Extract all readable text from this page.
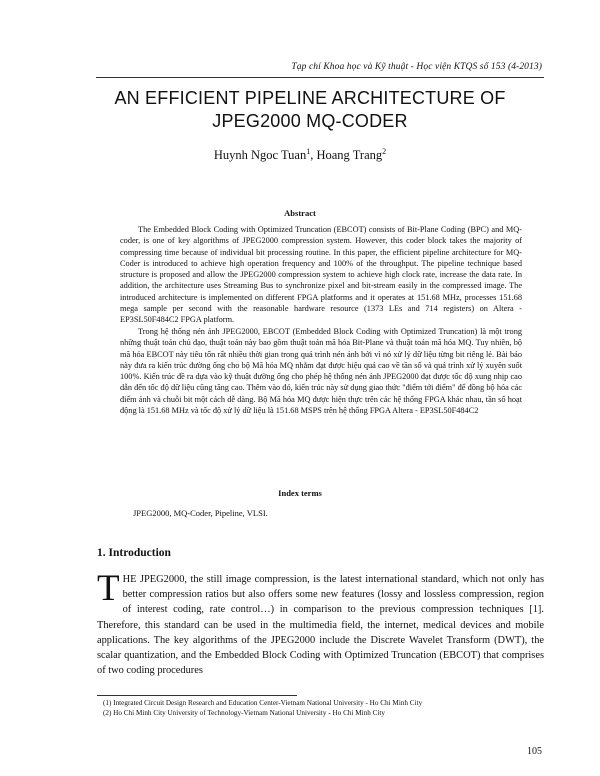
Tạp chí Khoa học và Kỹ thuật - Học viện KTQS số 153 (4-2013)
AN EFFICIENT PIPELINE ARCHITECTURE OF
JPEG2000 MQ-CODER
Huynh Ngoc Tuan$^1$, Hoang Trang$^2$
Abstract

The Embedded Block Coding with Optimized Truncation (EBCOT) consists of Bit-Plane Coding (BPC) and MQ-coder, is one of key algorithms of JPEG2000 compression system. However, this coder block takes the majority of compressing time because of individual bit processing routine. In this paper, the efficient pipeline architecture for MQ-Coder is introduced to achieve high operation frequency and 100% of the throughput. The pipeline technique based structure is proposed and allow the JPEG2000 compression system to achieve high clock rate, increase the data rate. In addition, the architecture uses Streaming Bus to synchronize pixel and bit-stream easily in the compressed image. The introduced architecture is implemented on different FPGA platforms and it operates at 151.68 MHz, processes 151.68 mega sample per second with the reasonable hardware resource (1373 LEs and 714 registers) on Altera - EP3SL50F484C2 FPGA platform.

Trong hệ thống nén ảnh JPEG2000, EBCOT (Embedded Block Coding with Optimized Truncation) là một trong những thuật toán chủ đạo, thuật toán này bao gồm thuật toán mã hóa Bit-Plane và thuật toán mã hóa MQ. Tuy nhiên, bộ mã hóa EBCOT này tiêu tốn rất nhiều thời gian trong quá trình nén ảnh bởi vì nó xử lý dữ liệu từng bit riêng lẻ. Bài báo này đưa ra kiến trúc đường ống cho bộ Mã hóa MQ nhằm đạt được hiệu quả cao về tần số và quá trình xử lý xuyên suốt 100%. Kiến trúc đề ra dựa vào kỹ thuật đường ống cho phép hệ thống nén ảnh JPEG2000 đạt được tốc độ xung nhịp cao dẫn đến tốc độ dữ liệu cũng tăng cao. Thêm vào đó, kiến trúc này sử dụng giao thức "điểm tới điểm" để đồng bộ hóa các điểm ảnh và chuỗi bit một cách dễ dàng. Bộ Mã hóa MQ được hiện thực trên các hệ thống FPGA khác nhau, tần số hoạt động là 151.68 MHz và tốc độ xử lý dữ liệu là 151.68 MSPS trên hệ thống FPGA Altera - EP3SL50F484C2

Index terms
JPEG2000, MQ-Coder, Pipeline, VLSI.
1. Introduction

THE JPEG2000, the still image compression, is the latest international standard, which not only has better compression ratios but also offers some new features (lossy and lossless compression, region of interest coding, rate control…) in comparison to the previous compression techniques [1]. Therefore, this standard can be used in the multimedia field, the internet, medical devices and mobile applications. The key algorithms of the JPEG2000 include the Discrete Wavelet Transform (DWT), the scalar quantization, and the Embedded Block Coding with Optimized Truncation (EBCOT) that comprises of two coding procedures

(1) Integrated Circuit Design Research and Education Center-Vietnam National University - Ho Chi Minh City
(2) Ho Chi Minh City University of Technology-Vietnam National University - Ho Chi Minh City
105
